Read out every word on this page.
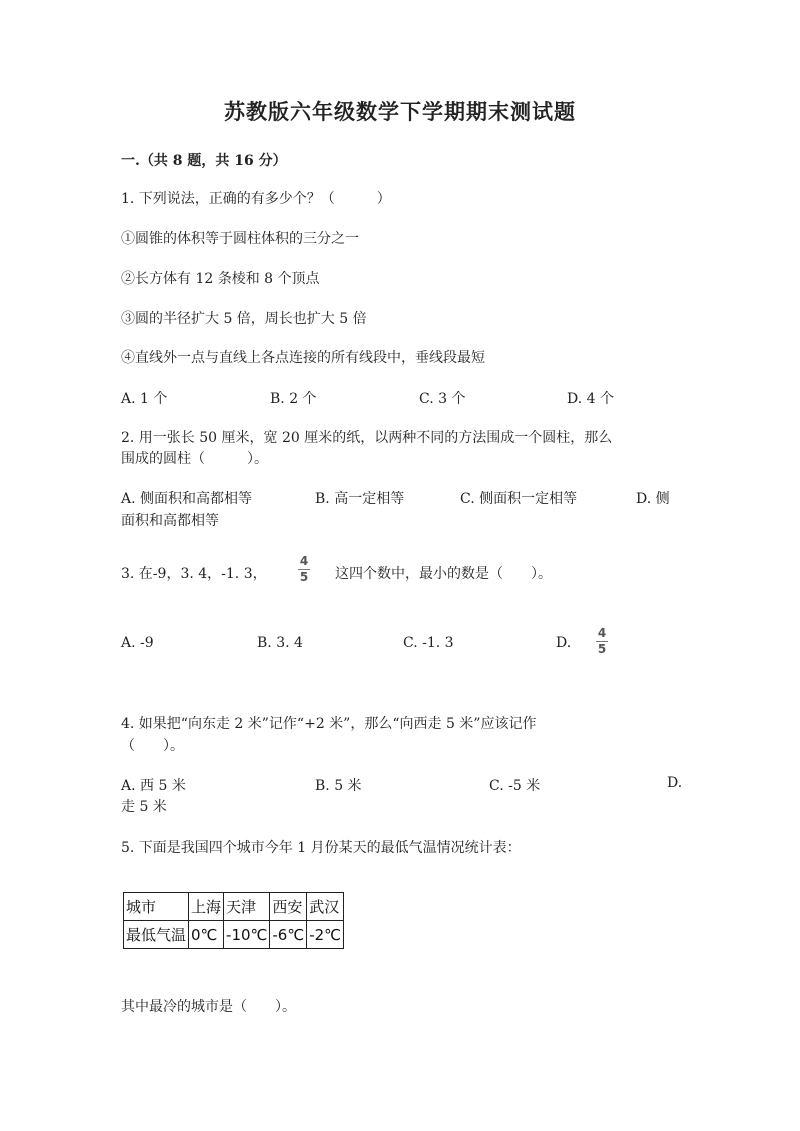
苏教版六年级数学下学期期末测试题
一.（共 8 题，共 16 分）
1. 下列说法，正确的有多少个？（　　　）
①圆锥的体积等于圆柱体积的三分之一
②长方体有 12 条棱和 8 个顶点
③圆的半径扩大 5 倍，周长也扩大 5 倍
④直线外一点与直线上各点连接的所有线段中，垂线段最短
A. 1 个	B. 2 个	C. 3 个	D. 4 个
2. 用一张长 50 厘米，宽 20 厘米的纸，以两种不同的方法围成一个圆柱，那么
围成的圆柱（　　　）。
A. 侧面积和高都相等	B. 高一定相等	C. 侧面积一定相等	D. 侧
面积和高都相等
3. 在-9，3. 4，-1. 3，
4
5 这四个数中，最小的数是（　　）。
A. -9	B. 3. 4	C. -1. 3	D.
4
5
4. 如果把“向东走 2 米”记作“+2 米”，那么“向西走 5 米”应该记作
（　　）。
A. 西 5 米	B. 5 米	C. -5 米	D.
走 5 米
5. 下面是我国四个城市今年 1 月份某天的最低气温情况统计表：
城市	上海	天津	西安	武汉
最低气温	0℃	-10℃	-6℃	-2℃
其中最冷的城市是（　　）。
